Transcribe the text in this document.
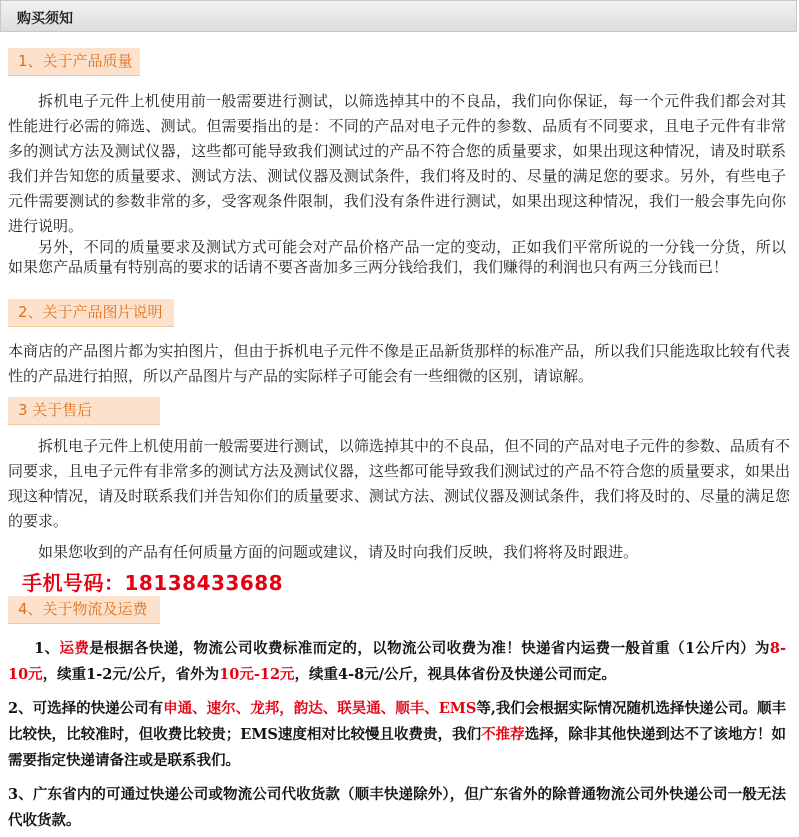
购买须知
1、关于产品质量

拆机电子元件上机使用前一般需要进行测试，以筛选掉其中的不良品，我们向你保证，每一个元件我们都会对其性能进行必需的筛选、测试。但需要指出的是：不同的产品对电子元件的参数、品质有不同要求，且电子元件有非常多的测试方法及测试仪器，这些都可能导致我们测试过的产品不符合您的质量要求，如果出现这种情况，请及时联系我们并告知您的质量要求、测试方法、测试仪器及测试条件，我们将及时的、尽量的满足您的要求。另外，有些电子元件需要测试的参数非常的多，受客观条件限制，我们没有条件进行测试，如果出现这种情况，我们一般会事先向你进行说明。

另外，不同的质量要求及测试方式可能会对产品价格产品一定的变动，正如我们平常所说的一分钱一分货，所以如果您产品质量有特别高的要求的话请不要吝啬加多三两分钱给我们，我们赚得的利润也只有两三分钱而已！

2、关于产品图片说明

本商店的产品图片都为实拍图片，但由于拆机电子元件不像是正品新货那样的标准产品，所以我们只能选取比较有代表性的产品进行拍照，所以产品图片与产品的实际样子可能会有一些细微的区别，请谅解。

3 关于售后

拆机电子元件上机使用前一般需要进行测试，以筛选掉其中的不良品，但不同的产品对电子元件的参数、品质有不同要求，且电子元件有非常多的测试方法及测试仪器，这些都可能导致我们测试过的产品不符合您的质量要求，如果出现这种情况，请及时联系我们并告知你们的质量要求、测试方法、测试仪器及测试条件，我们将及时的、尽量的满足您的要求。

如果您收到的产品有任何质量方面的问题或建议，请及时向我们反映，我们将将及时跟进。

手机号码：18138433688
4、关于物流及运费

1、运费是根据各快递，物流公司收费标准而定的，以物流公司收费为准！快递省内运费一般首重（1公斤内）为8-10元，续重1-2元/公斤，省外为10元-12元，续重4-8元/公斤，视具体省份及快递公司而定。

2、可选择的快递公司有申通、速尔、龙邦，韵达、联昊通、顺丰、EMS等,我们会根据实际情况随机选择快递公司。顺丰比较快，比较准时，但收费比较贵；EMS速度相对比较慢且收费贵，我们不推荐选择，除非其他快递到达不了该地方！如需要指定快递请备注或是联系我们。

3、广东省内的可通过快递公司或物流公司代收货款（顺丰快递除外），但广东省外的除普通物流公司外快递公司一般无法代收货款。
